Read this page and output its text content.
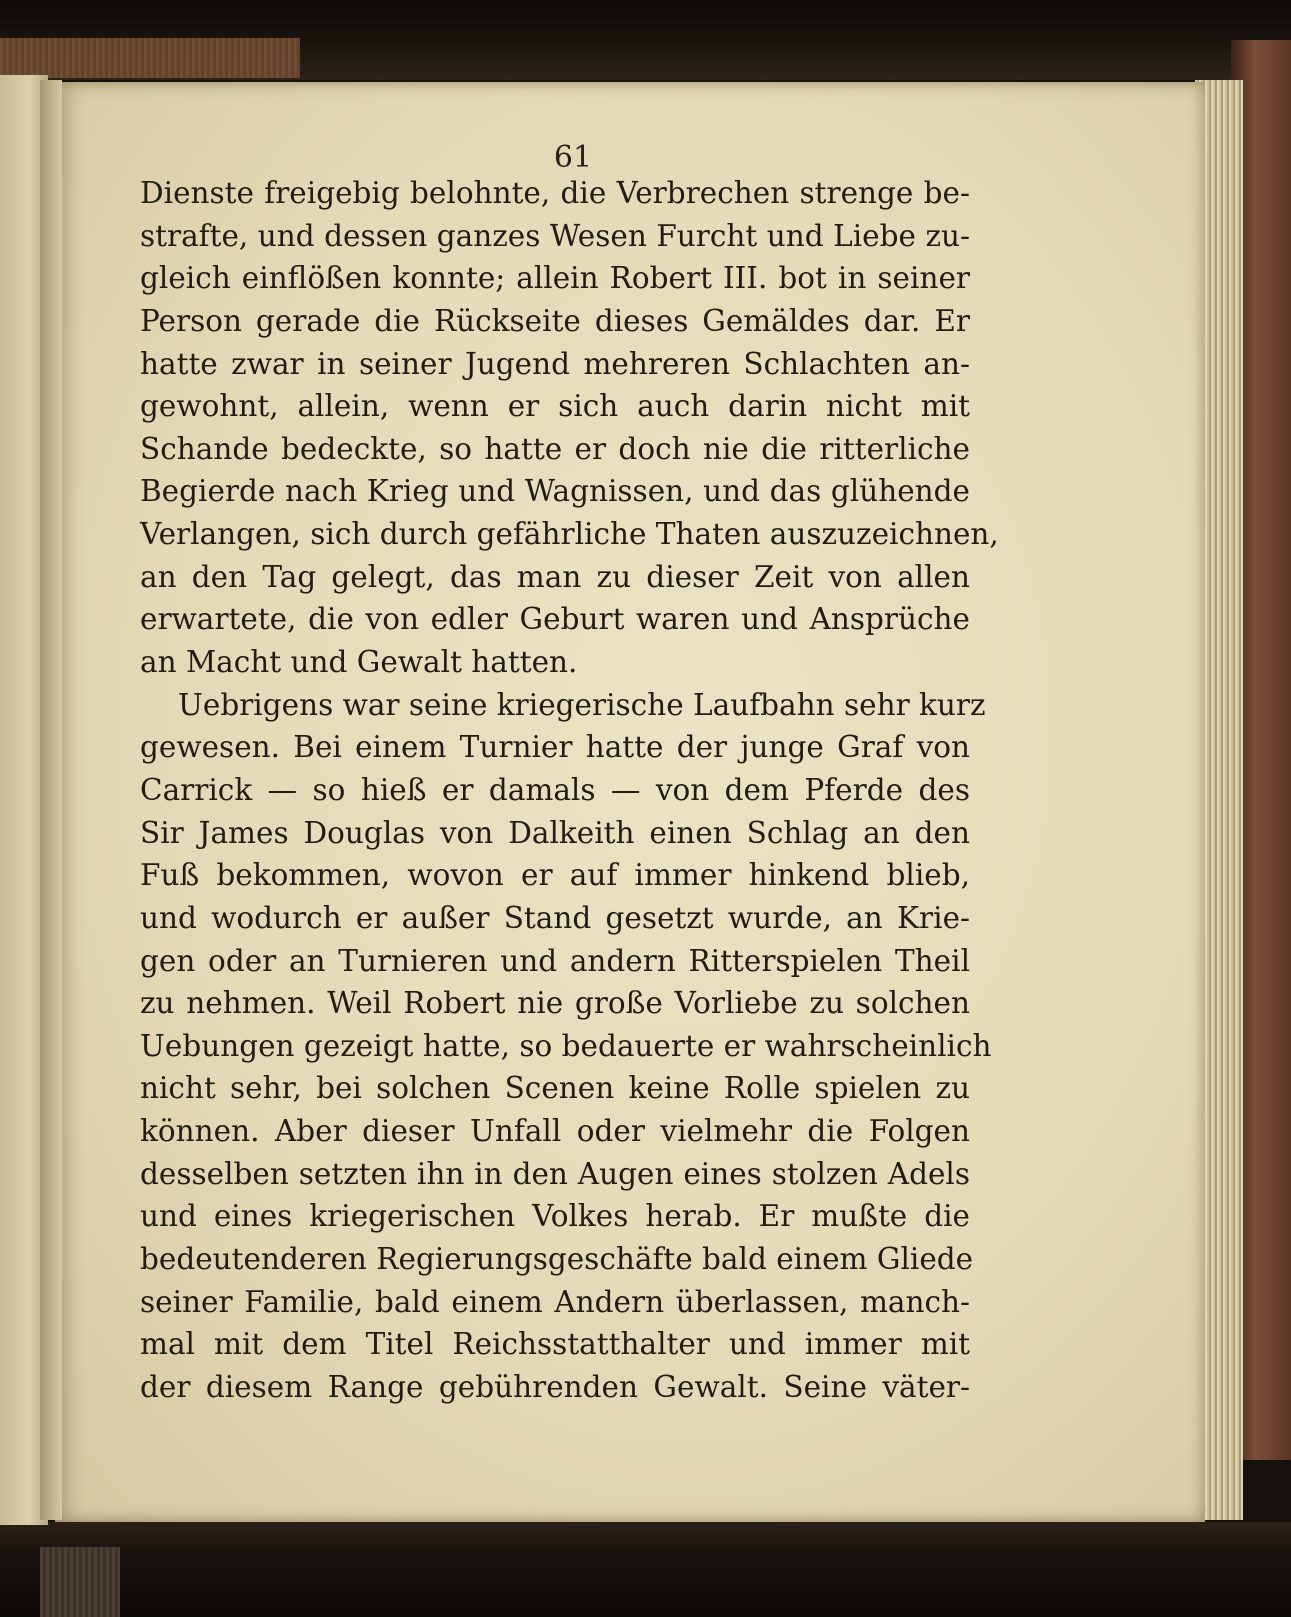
61
Dienste freigebig belohnte, die Verbrechen strenge be-
strafte, und dessen ganzes Wesen Furcht und Liebe zu-
gleich einflößen konnte; allein Robert III. bot in seiner
Person gerade die Rückseite dieses Gemäldes dar. Er
hatte zwar in seiner Jugend mehreren Schlachten an-
gewohnt, allein, wenn er sich auch darin nicht mit
Schande bedeckte, so hatte er doch nie die ritterliche
Begierde nach Krieg und Wagnissen, und das glühende
Verlangen, sich durch gefährliche Thaten auszuzeichnen,
an den Tag gelegt, das man zu dieser Zeit von allen
erwartete, die von edler Geburt waren und Ansprüche
an Macht und Gewalt hatten.
Uebrigens war seine kriegerische Laufbahn sehr kurz
gewesen. Bei einem Turnier hatte der junge Graf von
Carrick — so hieß er damals — von dem Pferde des
Sir James Douglas von Dalkeith einen Schlag an den
Fuß bekommen, wovon er auf immer hinkend blieb,
und wodurch er außer Stand gesetzt wurde, an Krie-
gen oder an Turnieren und andern Ritterspielen Theil
zu nehmen. Weil Robert nie große Vorliebe zu solchen
Uebungen gezeigt hatte, so bedauerte er wahrscheinlich
nicht sehr, bei solchen Scenen keine Rolle spielen zu
können. Aber dieser Unfall oder vielmehr die Folgen
desselben setzten ihn in den Augen eines stolzen Adels
und eines kriegerischen Volkes herab. Er mußte die
bedeutenderen Regierungsgeschäfte bald einem Gliede
seiner Familie, bald einem Andern überlassen, manch-
mal mit dem Titel Reichsstatthalter und immer mit
der diesem Range gebührenden Gewalt. Seine väter-
